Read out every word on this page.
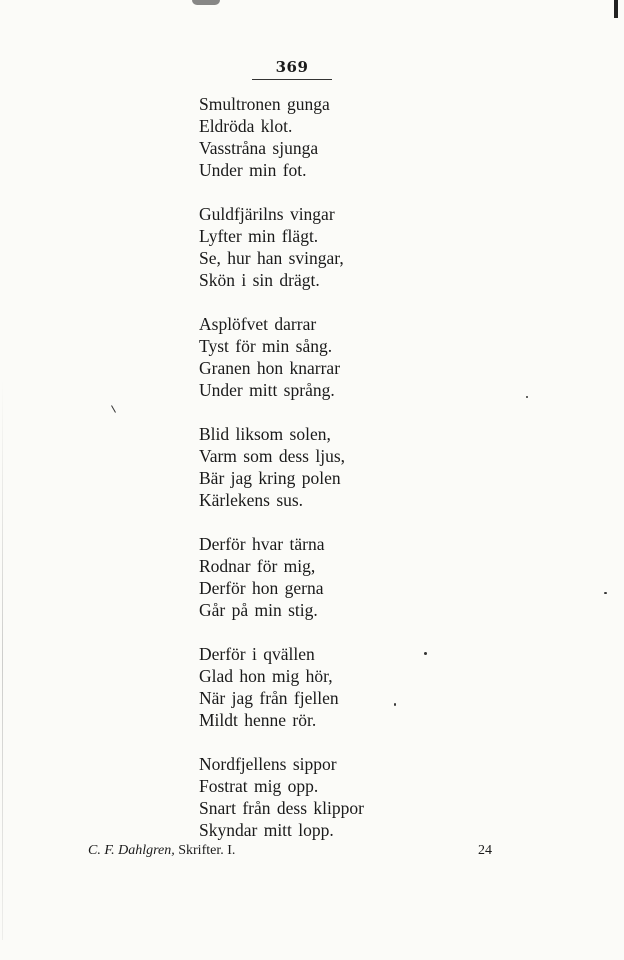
369
Smultronen gunga
Eldröda klot.
Vasstråna sjunga
Under min fot.
Guldfjärilns vingar
Lyfter min flägt.
Se, hur han svingar,
Skön i sin drägt.
Asplöfvet darrar
Tyst för min sång.
Granen hon knarrar
Under mitt språng.
Blid liksom solen,
Varm som dess ljus,
Bär jag kring polen
Kärlekens sus.
Derför hvar tärna
Rodnar för mig,
Derför hon gerna
Går på min stig.
Derför i qvällen
Glad hon mig hör,
När jag från fjellen
Mildt henne rör.
Nordfjellens sippor
Fostrat mig opp.
Snart från dess klippor
Skyndar mitt lopp.
C. F. Dahlgren, Skrifter. I.	24
